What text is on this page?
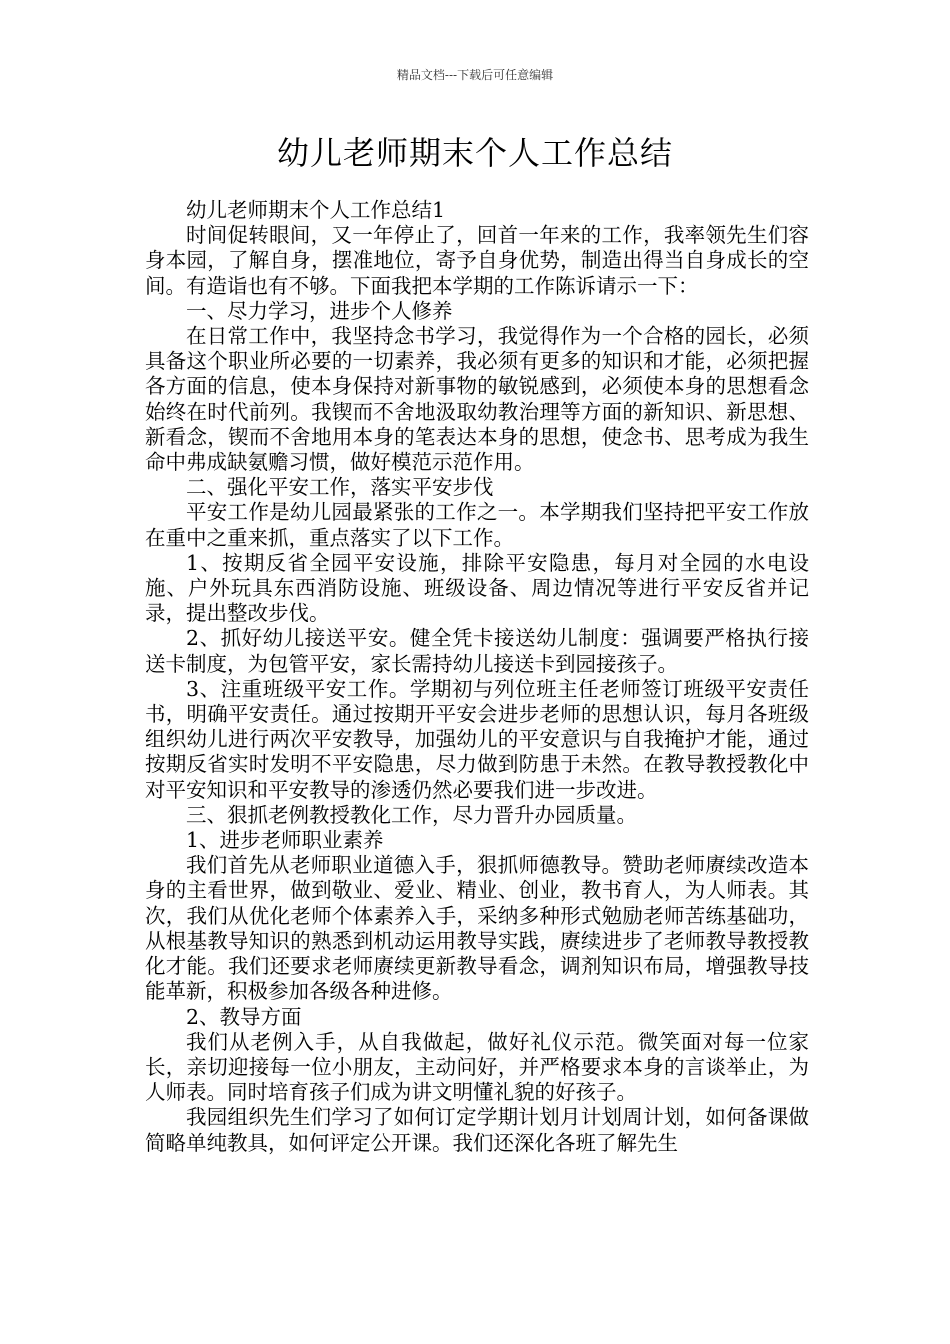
精品文档---下载后可任意编辑
幼儿老师期末个人工作总结

幼儿老师期末个人工作总结1

时间促转眼间，又一年停止了，回首一年来的工作，我率领先生们容身本园，了解自身，摆准地位，寄予自身优势，制造出得当自身成长的空间。有造诣也有不够。下面我把本学期的工作陈诉请示一下：

一、尽力学习，进步个人修养

在日常工作中，我坚持念书学习，我觉得作为一个合格的园长，必须具备这个职业所必要的一切素养，我必须有更多的知识和才能，必须把握各方面的信息，使本身保持对新事物的敏锐感到，必须使本身的思想看念始终在时代前列。我锲而不舍地汲取幼教治理等方面的新知识、新思想、新看念，锲而不舍地用本身的笔表达本身的思想，使念书、思考成为我生命中弗成缺氨赡习惯，做好模范示范作用。

二、强化平安工作，落实平安步伐

平安工作是幼儿园最紧张的工作之一。本学期我们坚持把平安工作放在重中之重来抓，重点落实了以下工作。

1、按期反省全园平安设施，排除平安隐患，每月对全园的水电设施、户外玩具东西消防设施、班级设备、周边情况等进行平安反省并记录，提出整改步伐。

2、抓好幼儿接送平安。健全凭卡接送幼儿制度：强调要严格执行接送卡制度，为包管平安，家长需持幼儿接送卡到园接孩子。

3、注重班级平安工作。学期初与列位班主任老师签订班级平安责任书，明确平安责任。通过按期开平安会进步老师的思想认识，每月各班级组织幼儿进行两次平安教导，加强幼儿的平安意识与自我掩护才能，通过按期反省实时发明不平安隐患，尽力做到防患于未然。在教导教授教化中对平安知识和平安教导的渗透仍然必要我们进一步改进。

三、狠抓老例教授教化工作，尽力晋升办园质量。

1、进步老师职业素养

我们首先从老师职业道德入手，狠抓师德教导。赞助老师赓续改造本身的主看世界，做到敬业、爱业、精业、创业，教书育人，为人师表。其次，我们从优化老师个体素养入手，采纳多种形式勉励老师苦练基础功，从根基教导知识的熟悉到机动运用教导实践，赓续进步了老师教导教授教化才能。我们还要求老师赓续更新教导看念，调剂知识布局，增强教导技能革新，积极参加各级各种进修。

2、教导方面

我们从老例入手，从自我做起，做好礼仪示范。微笑面对每一位家长，亲切迎接每一位小朋友，主动问好，并严格要求本身的言谈举止，为人师表。同时培育孩子们成为讲文明懂礼貌的好孩子。

我园组织先生们学习了如何订定学期计划月计划周计划，如何备课做简略单纯教具，如何评定公开课。我们还深化各班了解先生
